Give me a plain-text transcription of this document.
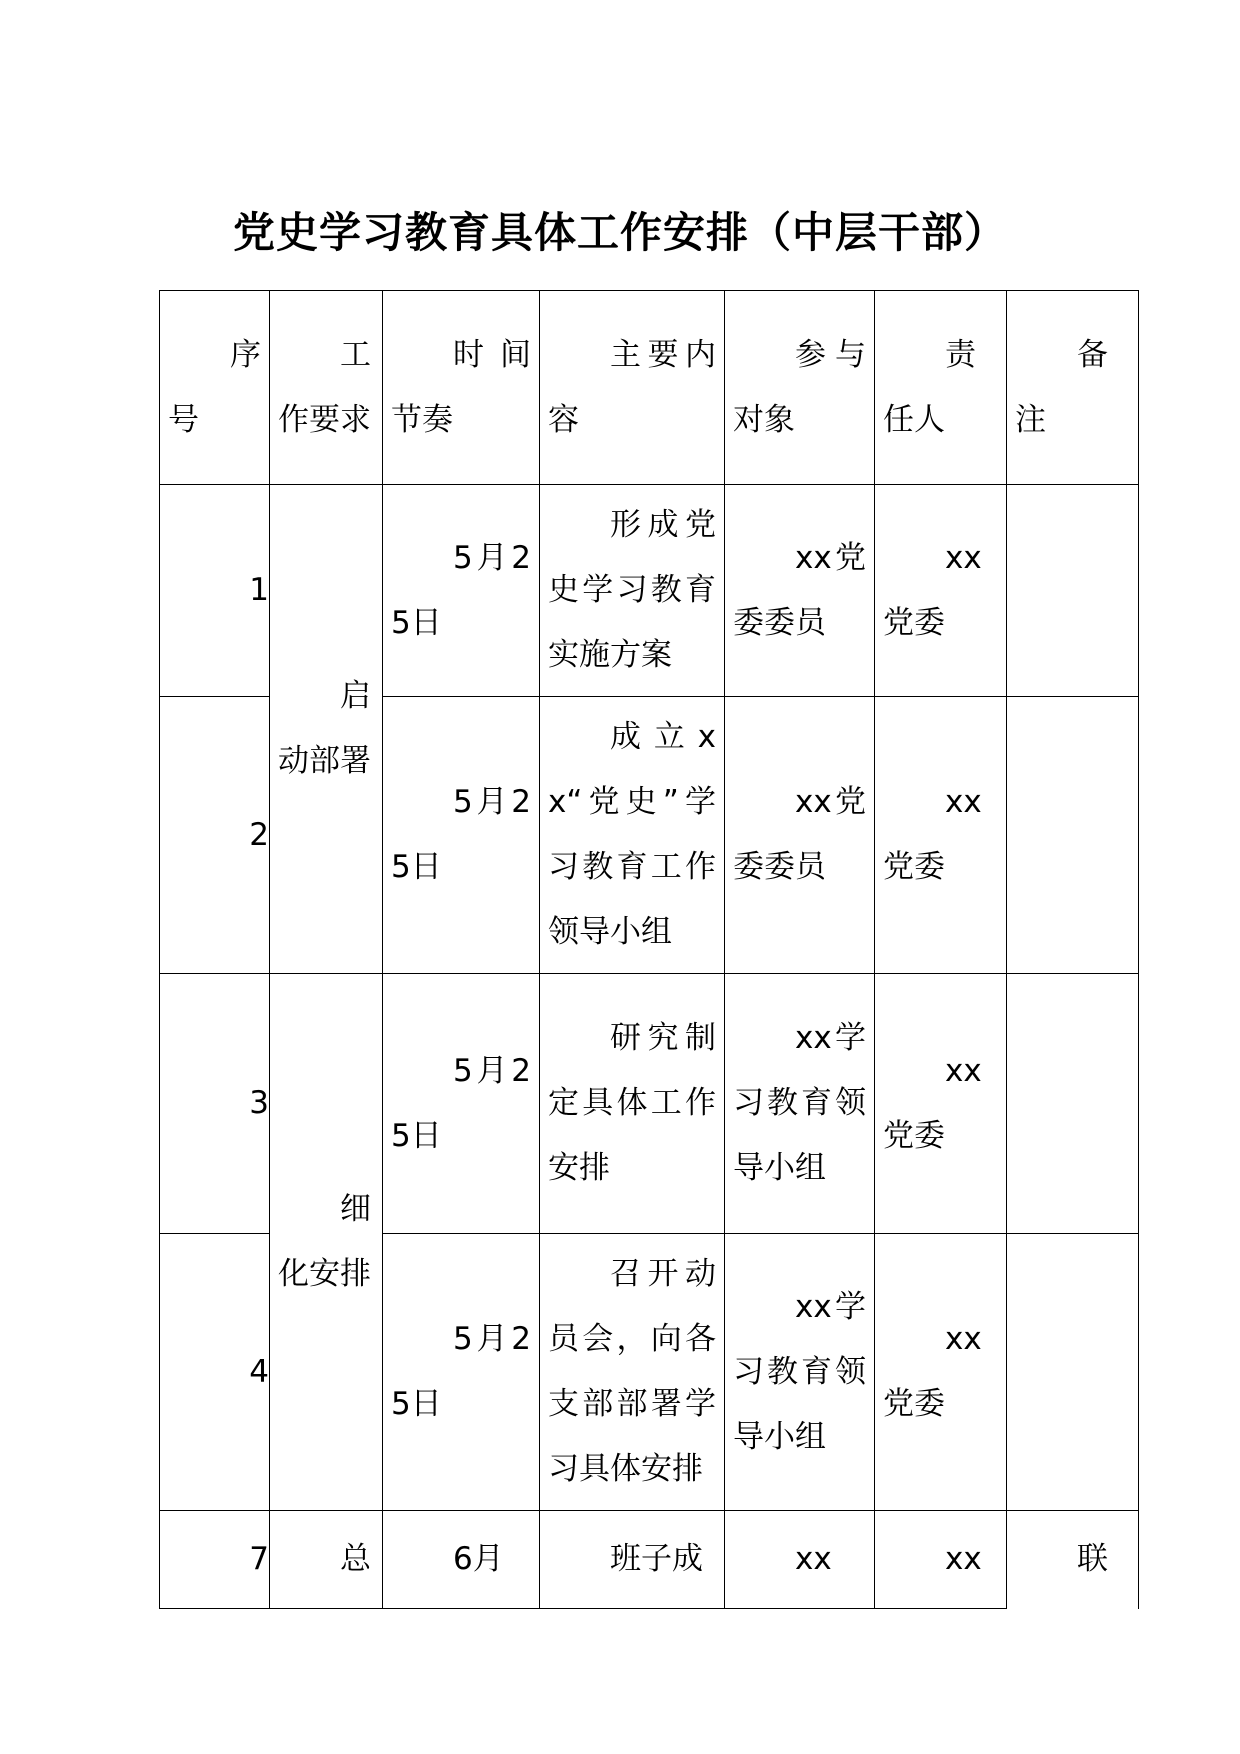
党史学习教育具体工作安排（中层干部）
序号	工作要求	时间节奏	主要内容	参与对象	责任人	备注
1	启动部署	5月25日	形成党史学习教育实施方案	xx党委委员	xx党委	
2		5月25日	成立xx“党史”学习教育工作领导小组	xx党委委员	xx党委	
3	细化安排	5月25日	研究制定具体工作安排	xx学习教育领导小组	xx党委	
4		5月25日	召开动员会，向各支部部署学习具体安排	xx学习教育领导小组	xx党委	
7	总	6月	班子成	xx	xx	联
